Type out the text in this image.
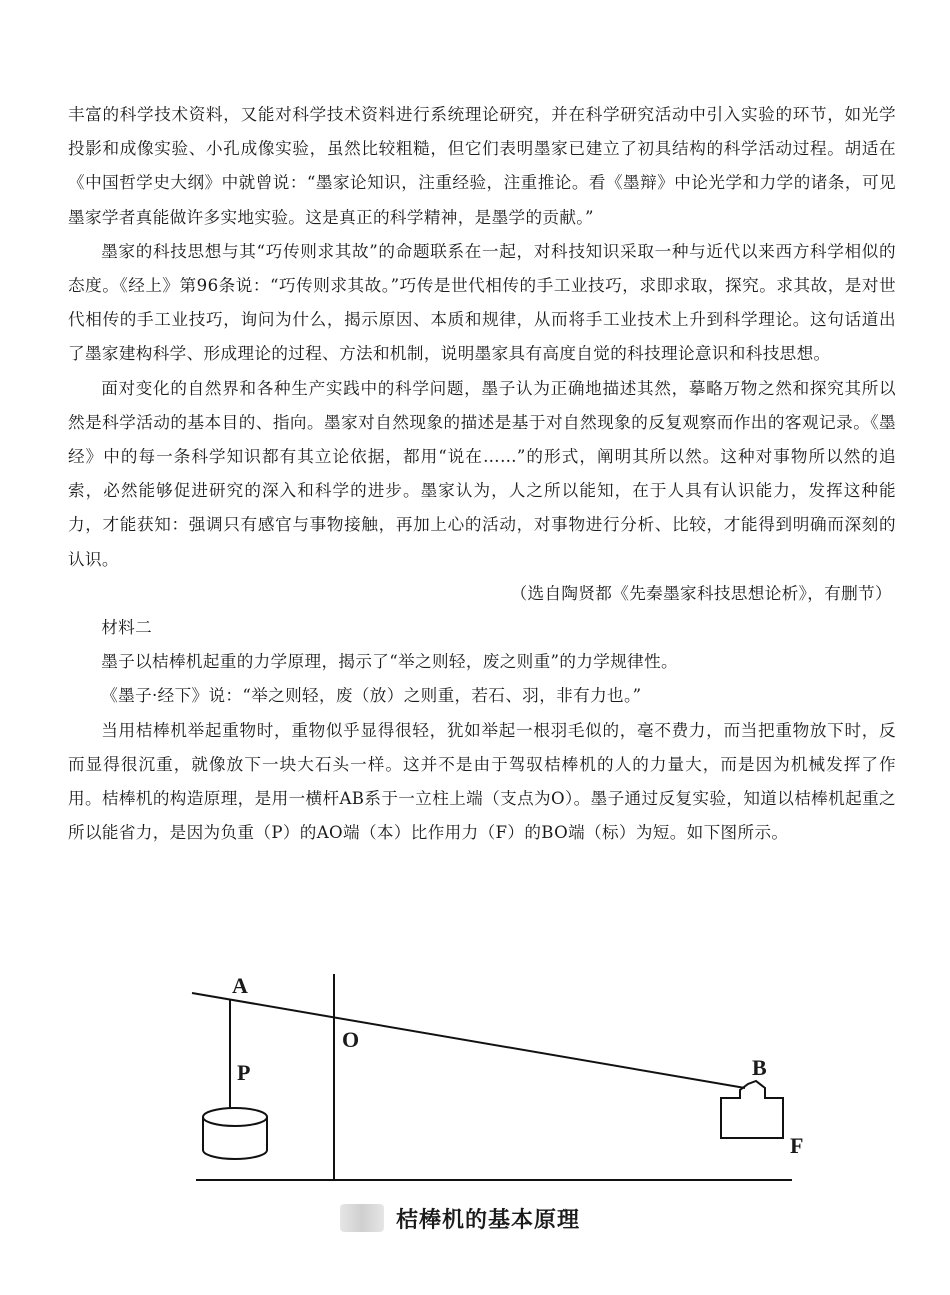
丰富的科学技术资料，又能对科学技术资料进行系统理论研究，并在科学研究活动中引入实验的环节，如光学投影和成像实验、小孔成像实验，虽然比较粗糙，但它们表明墨家已建立了初具结构的科学活动过程。胡适在《中国哲学史大纲》中就曾说：“墨家论知识，注重经验，注重推论。看《墨辩》中论光学和力学的诸条，可见墨家学者真能做许多实地实验。这是真正的科学精神，是墨学的贡献。”

墨家的科技思想与其“巧传则求其故”的命题联系在一起，对科技知识采取一种与近代以来西方科学相似的态度。《经上》第96条说：“巧传则求其故。”巧传是世代相传的手工业技巧，求即求取，探究。求其故，是对世代相传的手工业技巧，询问为什么，揭示原因、本质和规律，从而将手工业技术上升到科学理论。这句话道出了墨家建构科学、形成理论的过程、方法和机制，说明墨家具有高度自觉的科技理论意识和科技思想。

面对变化的自然界和各种生产实践中的科学问题，墨子认为正确地描述其然，摹略万物之然和探究其所以然是科学活动的基本目的、指向。墨家对自然现象的描述是基于对自然现象的反复观察而作出的客观记录。《墨经》中的每一条科学知识都有其立论依据，都用“说在……”的形式，阐明其所以然。这种对事物所以然的追索，必然能够促进研究的深入和科学的进步。墨家认为，人之所以能知，在于人具有认识能力，发挥这种能力，才能获知：强调只有感官与事物接触，再加上心的活动，对事物进行分析、比较，才能得到明确而深刻的认识。

（选自陶贤都《先秦墨家科技思想论析》，有删节）

材料二

墨子以桔棒机起重的力学原理，揭示了“举之则轻，废之则重”的力学规律性。

《墨子·经下》说：“举之则轻，废（放）之则重，若石、羽，非有力也。”

当用桔棒机举起重物时，重物似乎显得很轻，犹如举起一根羽毛似的，毫不费力，而当把重物放下时，反而显得很沉重，就像放下一块大石头一样。这并不是由于驾驭桔棒机的人的力量大，而是因为机械发挥了作用。桔棒机的构造原理，是用一横杆AB系于一立柱上端（支点为O）。墨子通过反复实验，知道以桔棒机起重之所以能省力，是因为负重（P）的AO端（本）比作用力（F）的BO端（标）为短。如下图所示。

A
O
P	B
F
桔棒机的基本原理
